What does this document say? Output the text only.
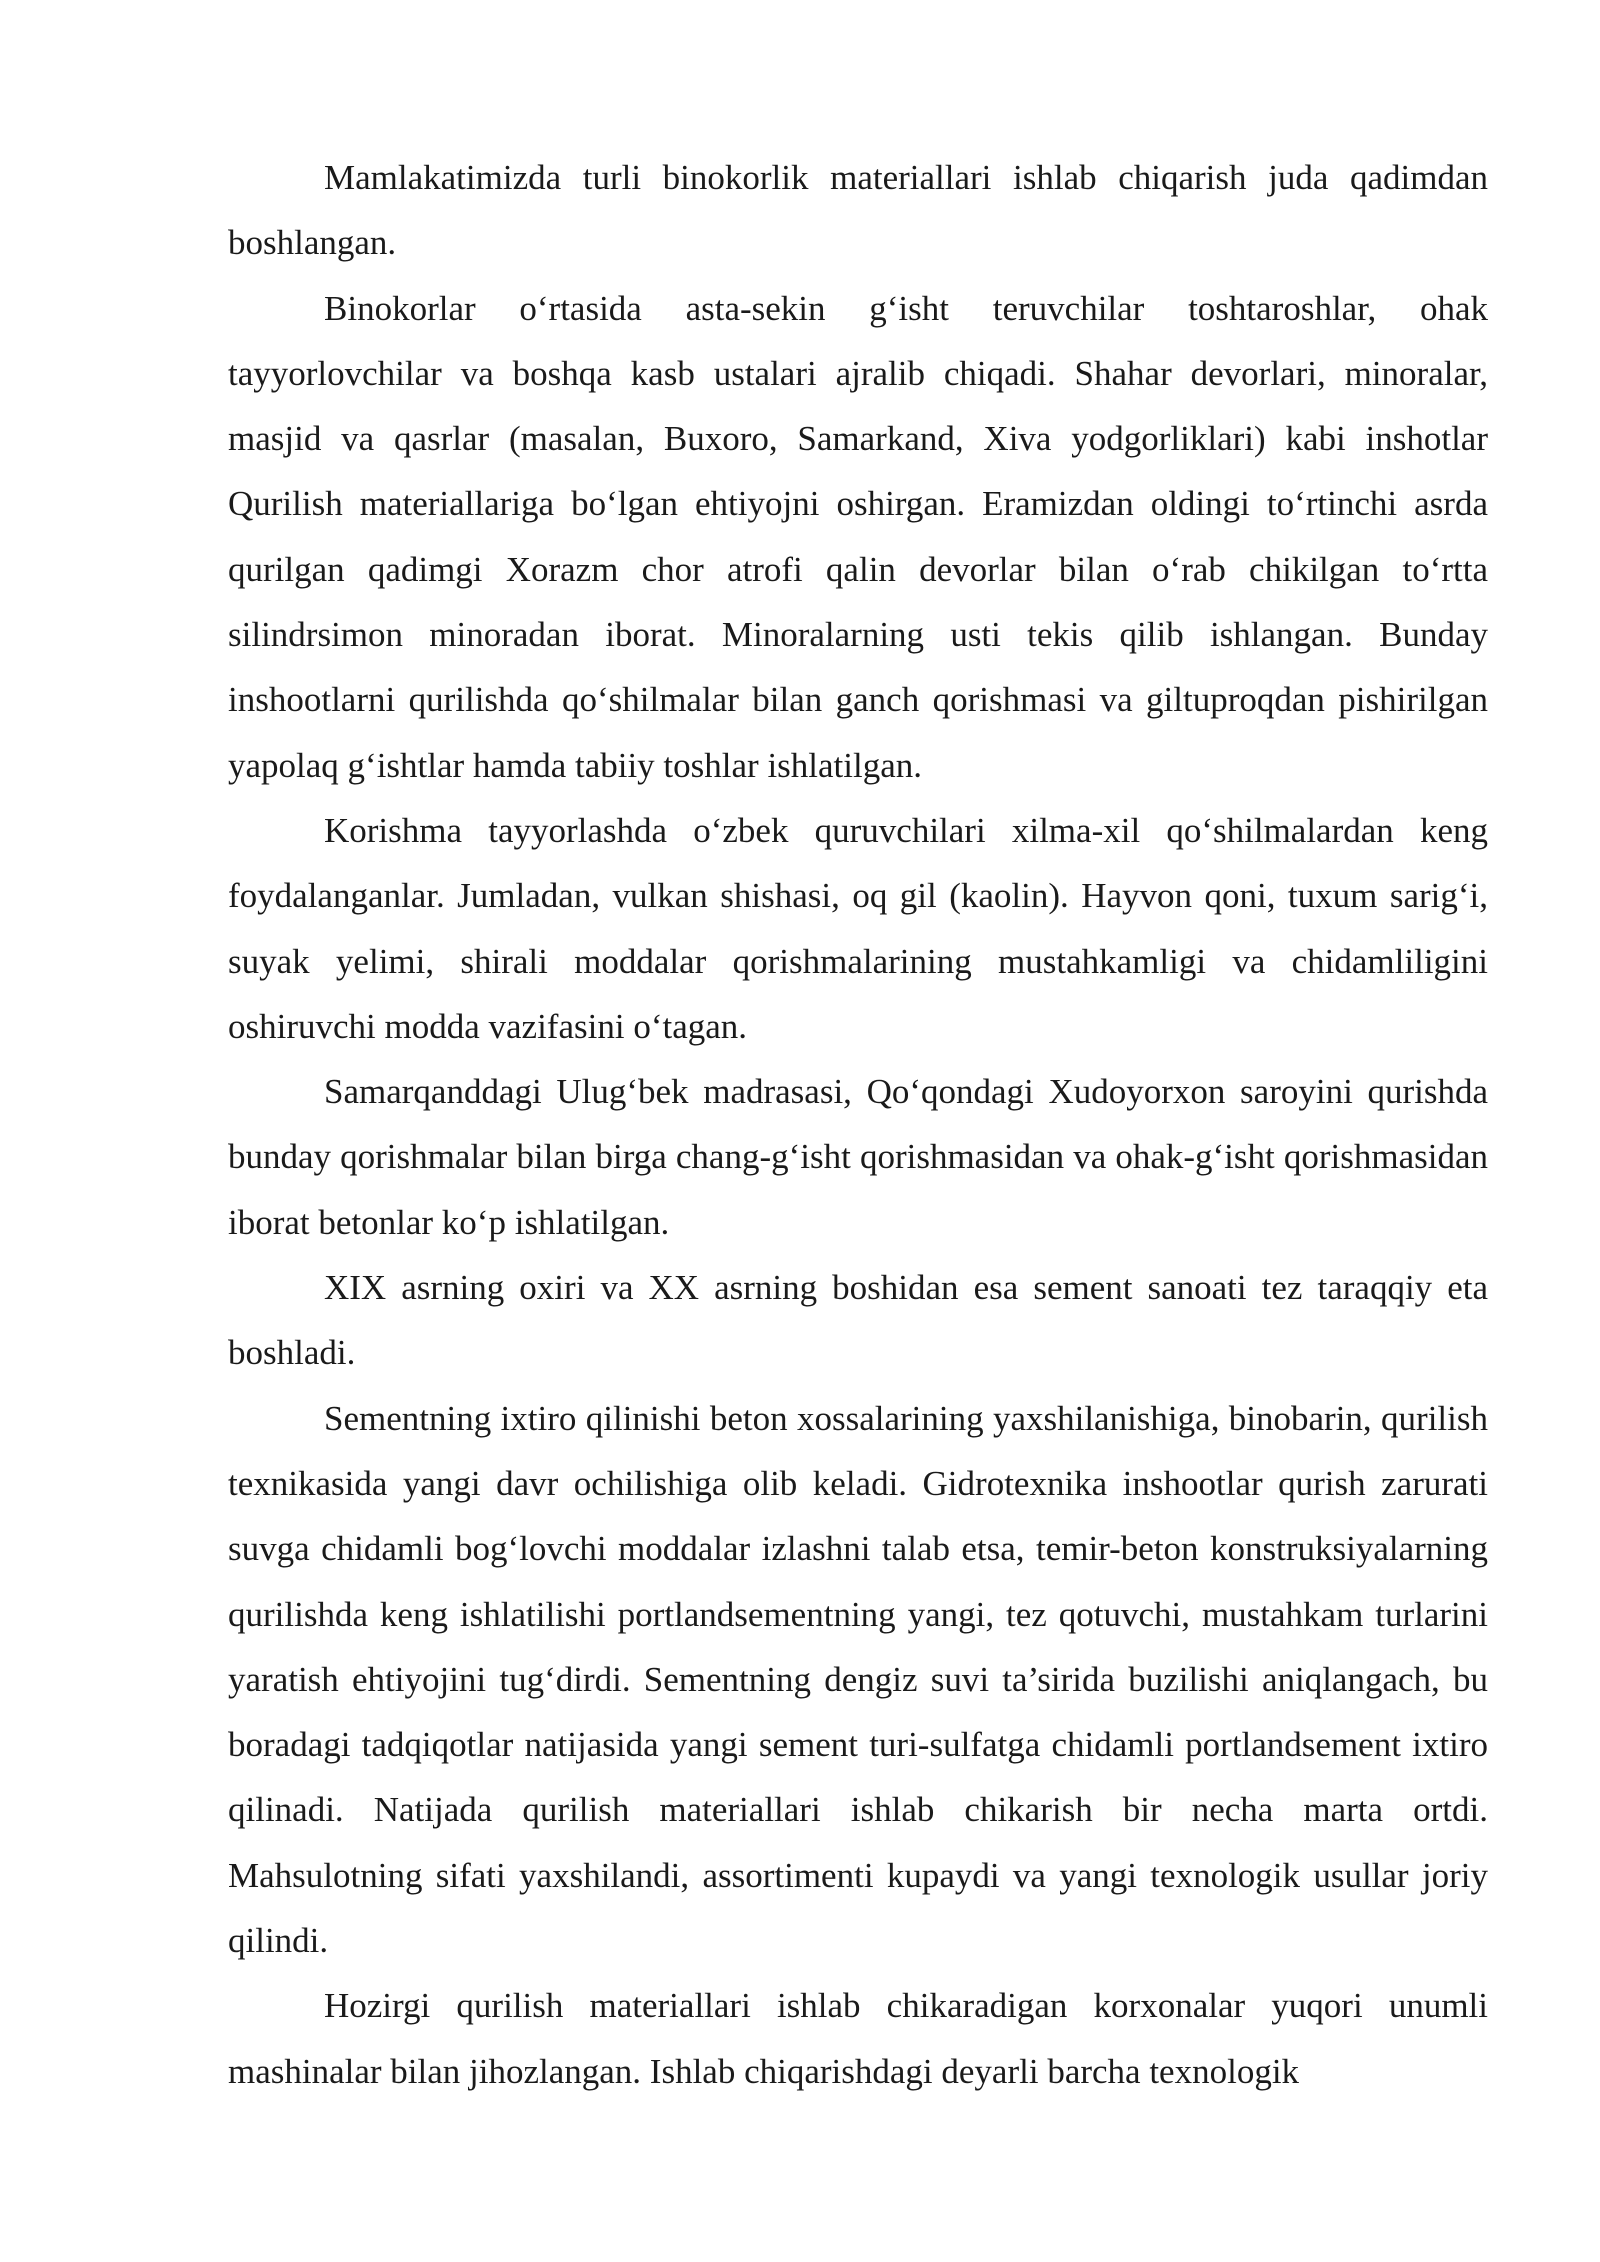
Mamlakatimizda turli binokorlik materiallari ishlab chiqarish juda qadimdan boshlangan.

Binokorlar o‘rtasida asta-sekin g‘isht teruvchilar toshtaroshlar, ohak tayyorlovchilar va boshqa kasb ustalari ajralib chiqadi. Shahar devorlari, minoralar, masjid va qasrlar (masalan, Buxoro, Samarkand, Xiva yodgorliklari) kabi inshotlar Qurilish materiallariga bo‘lgan ehtiyojni oshirgan. Eramizdan oldingi to‘rtinchi asrda qurilgan qadimgi Xorazm chor atrofi qalin devorlar bilan o‘rab chikilgan to‘rtta silindrsimon minoradan iborat. Minoralarning usti tekis qilib ishlangan. Bunday inshootlarni qurilishda qo‘shilmalar bilan ganch qorishmasi va giltuproqdan pishirilgan yapolaq g‘ishtlar hamda tabiiy toshlar ishlatilgan.

Korishma tayyorlashda o‘zbek quruvchilari xilma-xil qo‘shilmalardan keng foydalanganlar. Jumladan, vulkan shishasi, oq gil (kaolin). Hayvon qoni, tuxum sarig‘i, suyak yelimi, shirali moddalar qorishmalarining mustahkamligi va chidamliligini oshiruvchi modda vazifasini o‘tagan.

Samarqanddagi Ulug‘bek madrasasi, Qo‘qondagi Xudoyorxon saroyini qurishda bunday qorishmalar bilan birga chang-g‘isht qorishmasidan va ohak-g‘isht qorishmasidan iborat betonlar ko‘p ishlatilgan.

XIX asrning oxiri va XX asrning boshidan esa sement sanoati tez taraqqiy eta boshladi.

Sementning ixtiro qilinishi beton xossalarining yaxshilanishiga, binobarin, qurilish texnikasida yangi davr ochilishiga olib keladi. Gidrotexnika inshootlar qurish zarurati suvga chidamli bog‘lovchi moddalar izlashni talab etsa, temir-beton konstruksiyalarning qurilishda keng ishlatilishi portlandsementning yangi, tez qotuvchi, mustahkam turlarini yaratish ehtiyojini tug‘dirdi. Sementning dengiz suvi ta’sirida buzilishi aniqlangach, bu boradagi tadqiqotlar natijasida yangi sement turi-sulfatga chidamli portlandsement ixtiro qilinadi. Natijada qurilish materiallari ishlab chikarish bir necha marta ortdi. Mahsulotning sifati yaxshilandi, assortimenti kupaydi va yangi texnologik usullar joriy qilindi.

Hozirgi qurilish materiallari ishlab chikaradigan korxonalar yuqori unumli mashinalar bilan jihozlangan. Ishlab chiqarishdagi deyarli barcha texnologik
